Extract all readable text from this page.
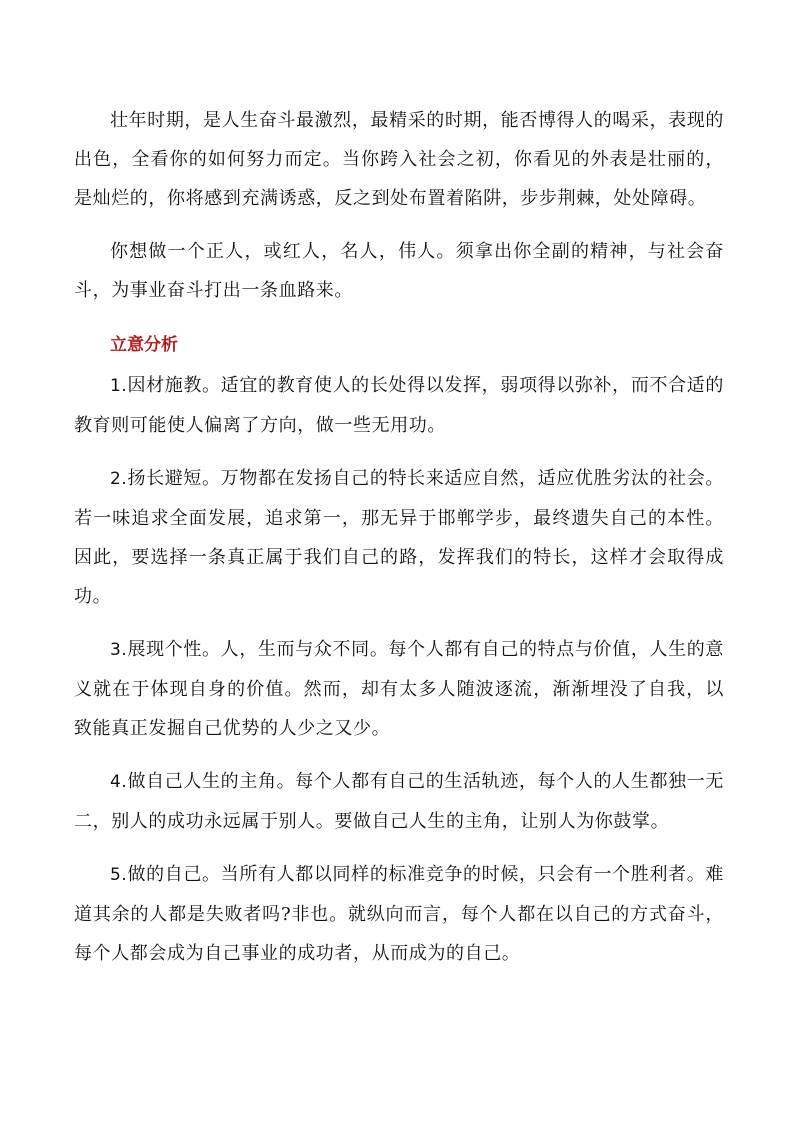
壮年时期，是人生奋斗最激烈，最精采的时期，能否博得人的喝采，表现的出色，全看你的如何努力而定。当你跨入社会之初，你看见的外表是壮丽的，是灿烂的，你将感到充满诱惑，反之到处布置着陷阱，步步荆棘，处处障碍。

你想做一个正人，或红人，名人，伟人。须拿出你全副的精神，与社会奋斗，为事业奋斗打出一条血路来。

立意分析

1.因材施教。适宜的教育使人的长处得以发挥，弱项得以弥补，而不合适的教育则可能使人偏离了方向，做一些无用功。

2.扬长避短。万物都在发扬自己的特长来适应自然，适应优胜劣汰的社会。若一味追求全面发展，追求第一，那无异于邯郸学步，最终遗失自己的本性。因此，要选择一条真正属于我们自己的路，发挥我们的特长，这样才会取得成功。

3.展现个性。人，生而与众不同。每个人都有自己的特点与价值，人生的意义就在于体现自身的价值。然而，却有太多人随波逐流，渐渐埋没了自我，以致能真正发掘自己优势的人少之又少。

4.做自己人生的主角。每个人都有自己的生活轨迹，每个人的人生都独一无二，别人的成功永远属于别人。要做自己人生的主角，让别人为你鼓掌。

5.做的自己。当所有人都以同样的标准竞争的时候，只会有一个胜利者。难道其余的人都是失败者吗?非也。就纵向而言，每个人都在以自己的方式奋斗，每个人都会成为自己事业的成功者，从而成为的自己。
